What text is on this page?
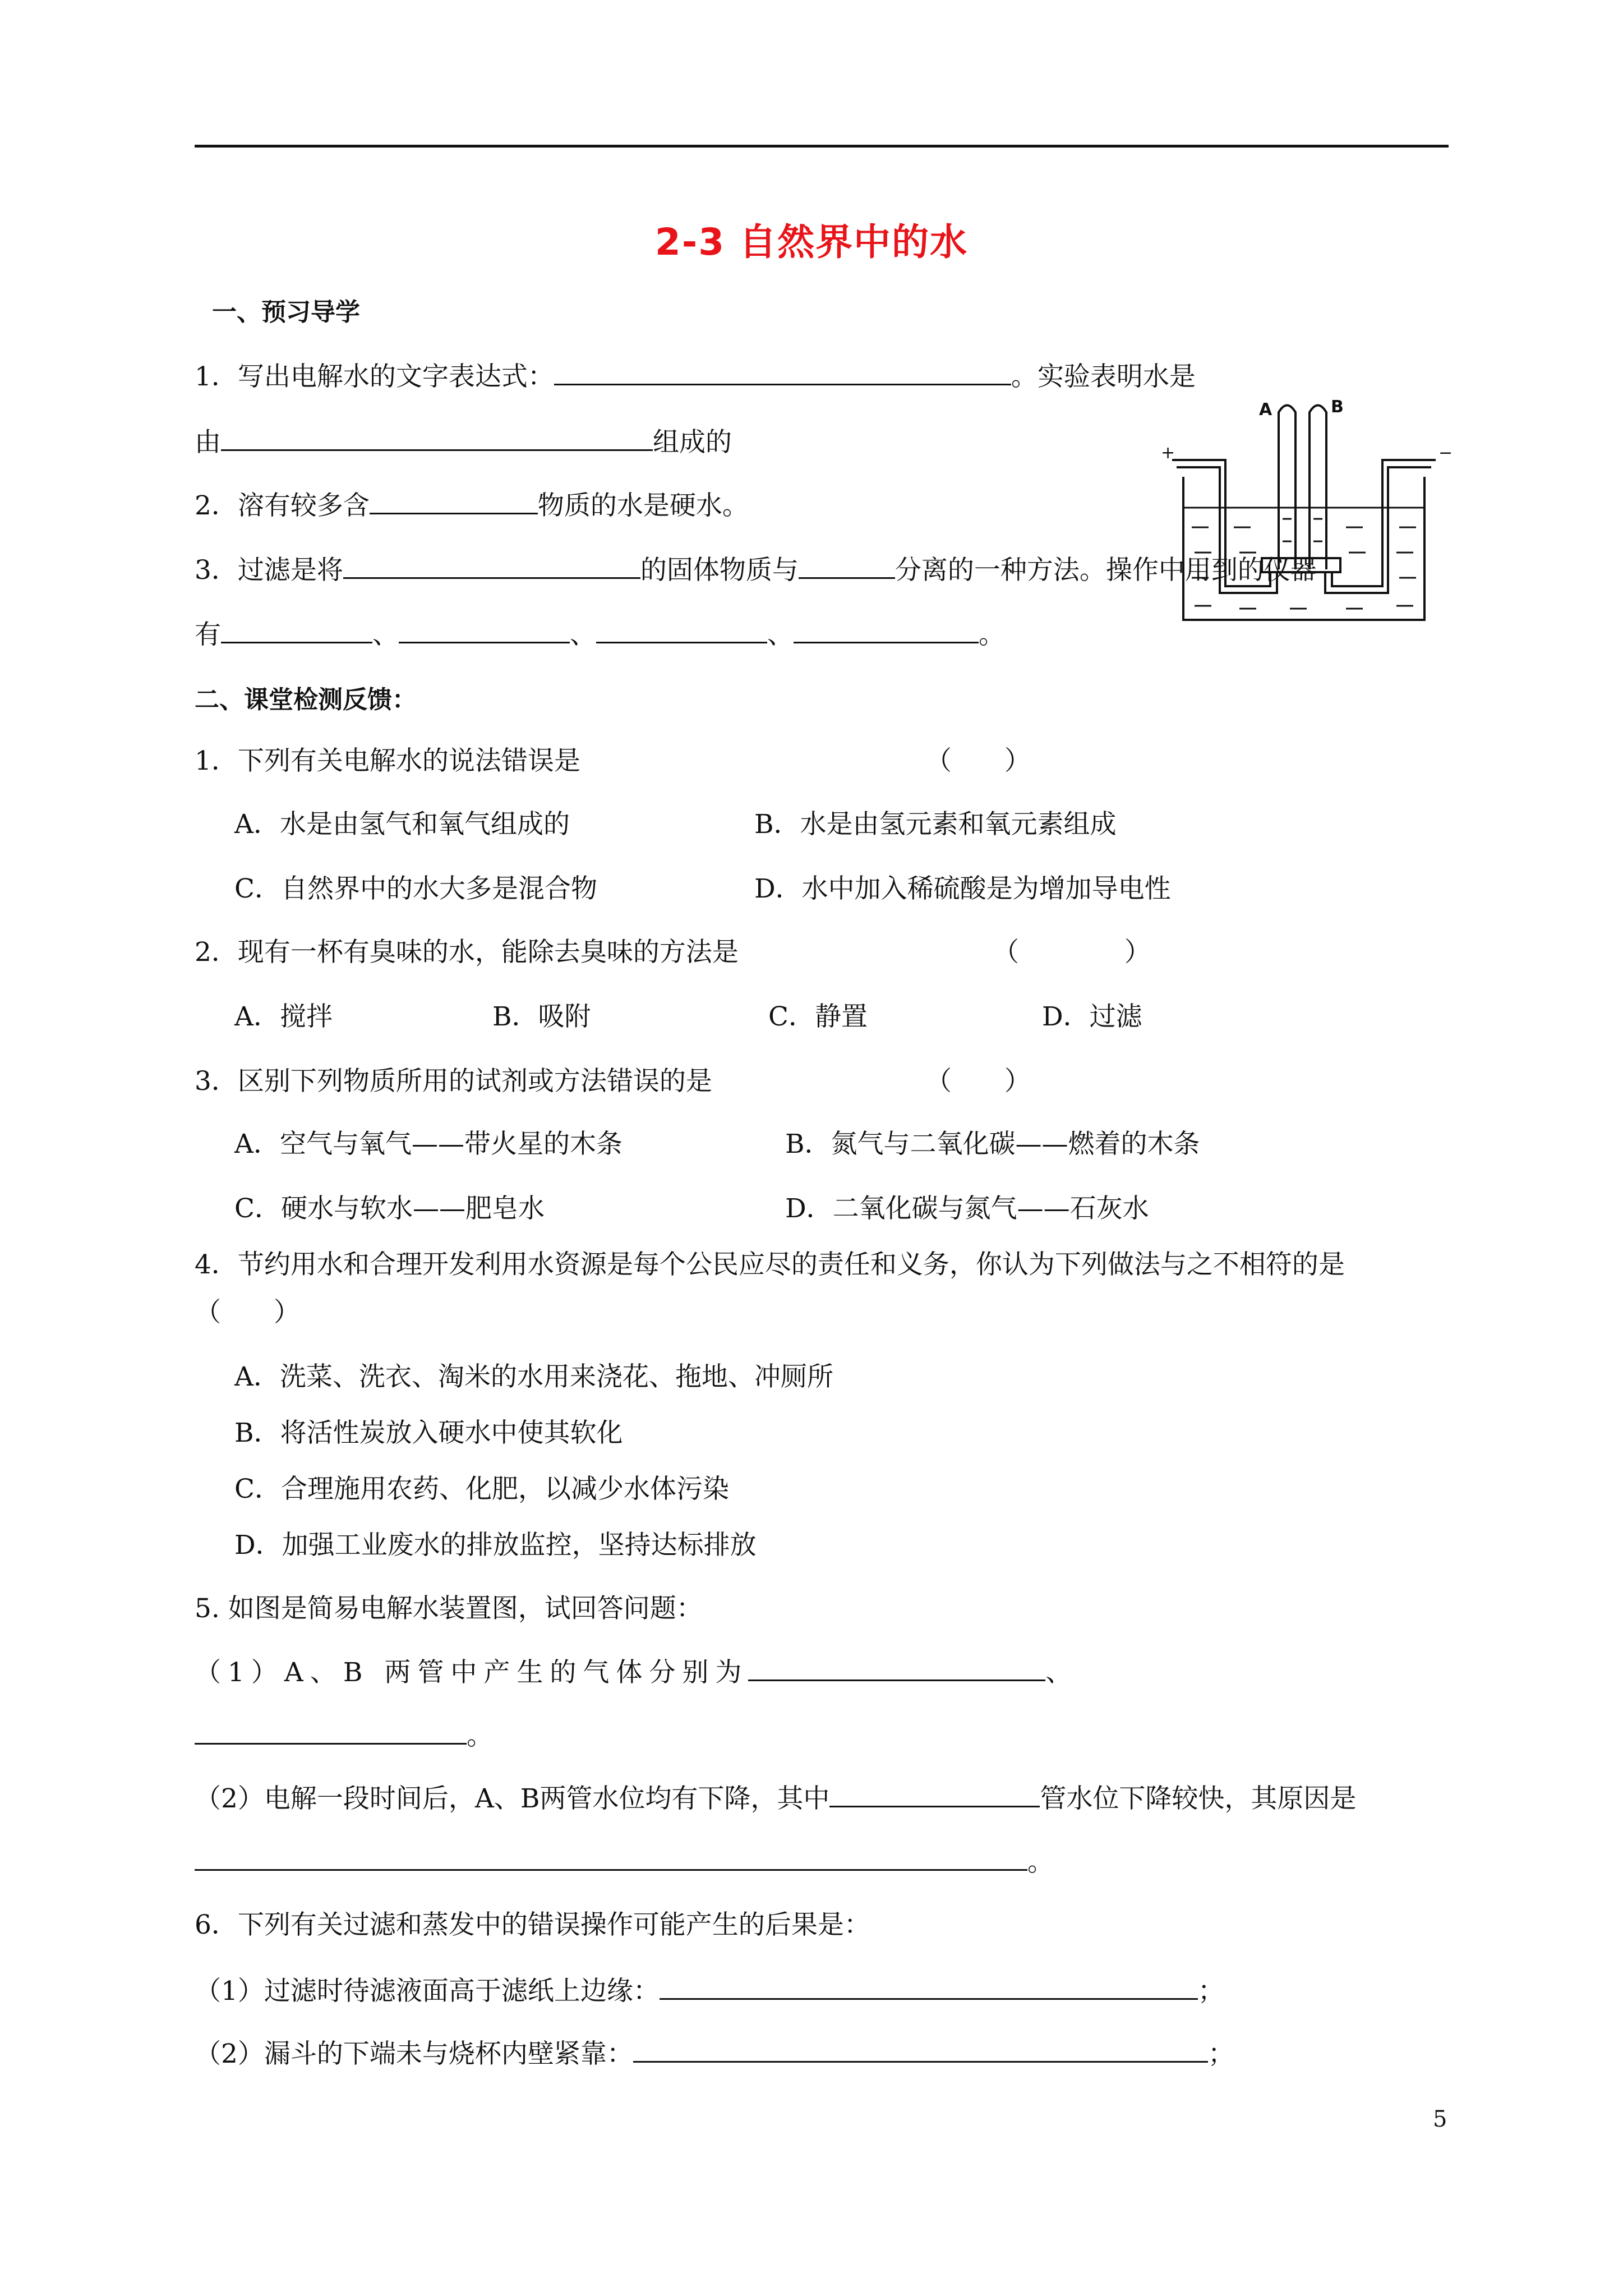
2-3 自然界中的水
一、预习导学
1．写出电解水的文字表达式：	。实验表明水是
由	组成的
2．溶有较多含	物质的水是硬水。
3．过滤是将	的固体物质与	分离的一种方法。操作中用到的仪器
有	、	、	、	。
二、课堂检测反馈：
1．下列有关电解水的说法错误是	（　　）
A．水是由氢气和氧气组成的	B．水是由氢元素和氧元素组成
C．自然界中的水大多是混合物	D．水中加入稀硫酸是为增加导电性
2．现有一杯有臭味的水，能除去臭味的方法是	（　　　　）
A．搅拌	B．吸附	C．静置	D．过滤
3．区别下列物质所用的试剂或方法错误的是	（　　）
A．空气与氧气——带火星的木条	B．氮气与二氧化碳——燃着的木条
C．硬水与软水——肥皂水	D．二氧化碳与氮气——石灰水
4．节约用水和合理开发利用水资源是每个公民应尽的责任和义务，你认为下列做法与之不相符的是
（　　）
A．洗菜、洗衣、淘米的水用来浇花、拖地、冲厕所
B．将活性炭放入硬水中使其软化
C．合理施用农药、化肥，以减少水体污染
D．加强工业废水的排放监控，坚持达标排放
A	B
+	−
5. 如图是简易电解水装置图，试回答问题：
（1）A、B 两管中产生的气体分别为	、
。
（2）电解一段时间后，A、B两管水位均有下降，其中	管水位下降较快，其原因是
。
6．下列有关过滤和蒸发中的错误操作可能产生的后果是：
（1）过滤时待滤液面高于滤纸上边缘：	；
（2）漏斗的下端未与烧杯内壁紧靠：	；
5
